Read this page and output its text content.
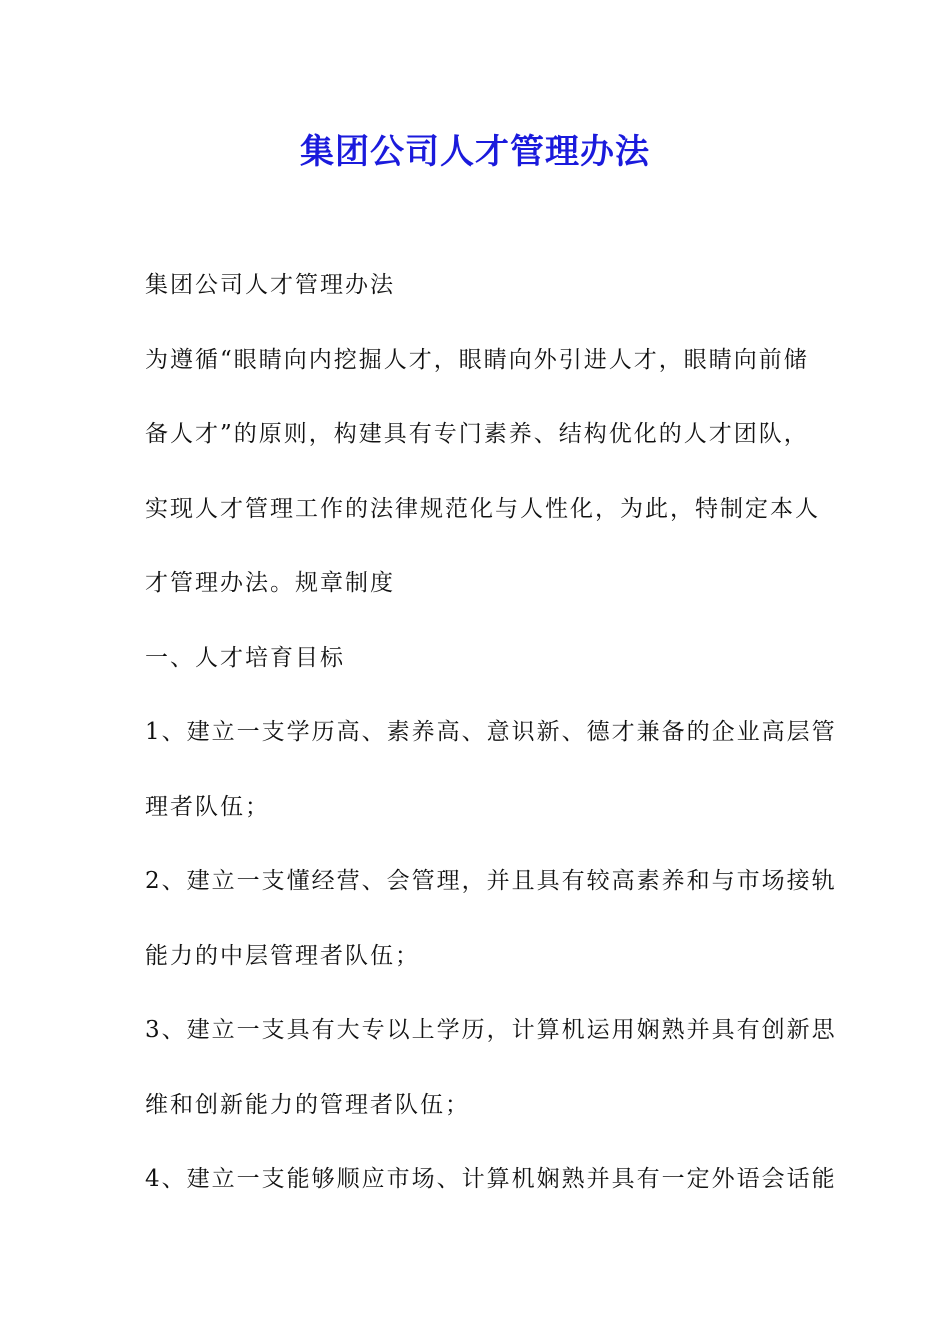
集团公司人才管理办法
集团公司人才管理办法
为遵循“眼睛向内挖掘人才，眼睛向外引进人才，眼睛向前储
备人才”的原则，构建具有专门素养、结构优化的人才团队，
实现人才管理工作的法律规范化与人性化，为此，特制定本人
才管理办法。规章制度
一、人才培育目标
1、建立一支学历高、素养高、意识新、德才兼备的企业高层管
理者队伍；
2、建立一支懂经营、会管理，并且具有较高素养和与市场接轨
能力的中层管理者队伍；
3、建立一支具有大专以上学历，计算机运用娴熟并具有创新思
维和创新能力的管理者队伍；
4、建立一支能够顺应市场、计算机娴熟并具有一定外语会话能
